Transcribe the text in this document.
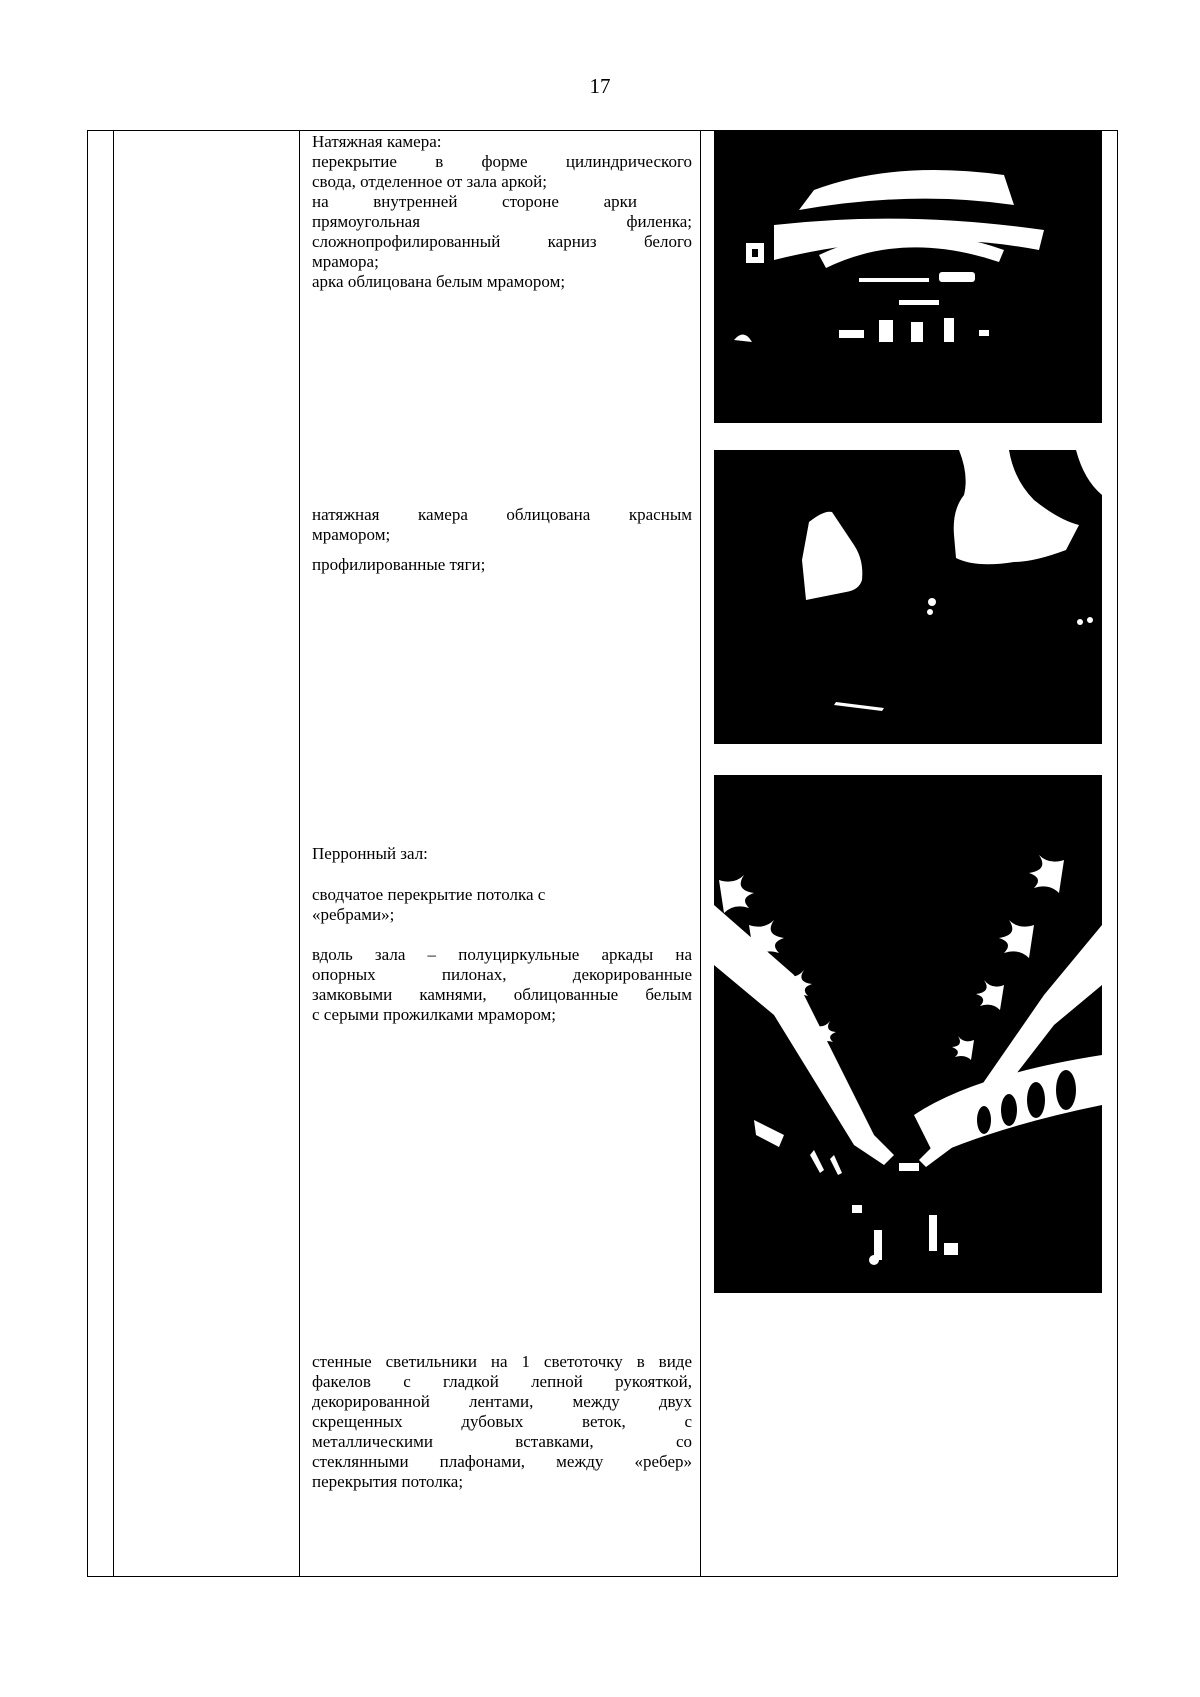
17

Натяжная камера:

перекрытие в форме цилиндрического

свода, отделенное от зала аркой;

на внутренней стороне арки

прямоугольная филенка;

сложнопрофилированный карниз белого

мрамора;

арка облицована белым мрамором;

натяжная камера облицована красным

мрамором;

профилированные тяги;

Перронный зал:

сводчатое перекрытие потолка с

«ребрами»;

вдоль зала – полуциркульные аркады на

опорных пилонах, декорированные

замковыми камнями, облицованные белым

с серыми прожилками мрамором;

стенные светильники на 1 светоточку в виде

факелов с гладкой лепной рукояткой,

декорированной лентами, между двух

скрещенных дубовых веток, с

металлическими вставками, со

стеклянными плафонами, между «ребер»

перекрытия потолка;
